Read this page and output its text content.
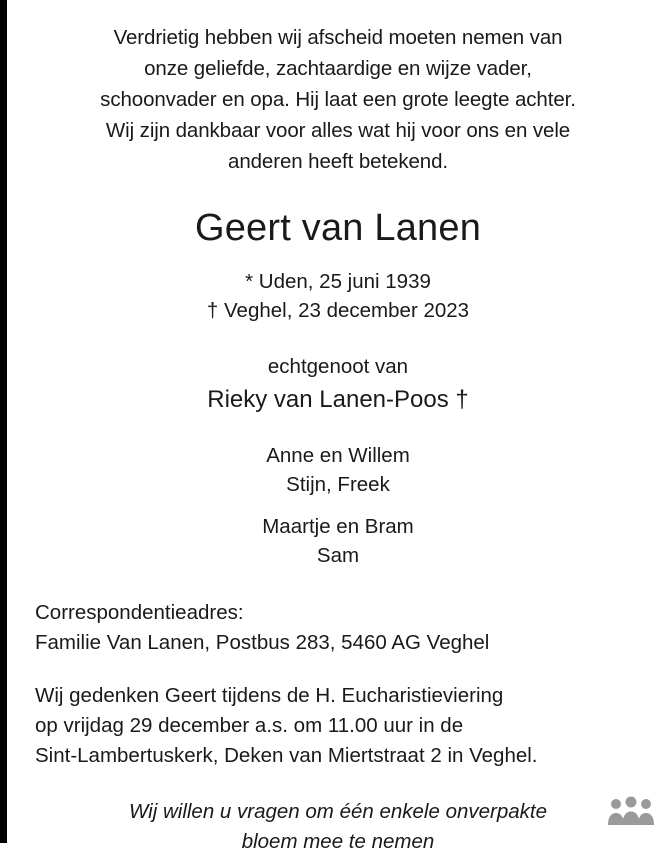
Verdrietig hebben wij afscheid moeten nemen van
onze geliefde, zachtaardige en wijze vader,
schoonvader en opa. Hij laat een grote leegte achter.
Wij zijn dankbaar voor alles wat hij voor ons en vele
anderen heeft betekend.
Geert van Lanen
* Uden, 25 juni 1939
† Veghel, 23 december 2023
echtgenoot van
Rieky van Lanen-Poos †
Anne en Willem
Stijn, Freek
Maartje en Bram
Sam
Correspondentieadres:
Familie Van Lanen, Postbus 283, 5460 AG Veghel
Wij gedenken Geert tijdens de H. Eucharistieviering
op vrijdag 29 december a.s. om 11.00 uur in de
Sint-Lambertuskerk, Deken van Miertstraat 2 in Veghel.
Wij willen u vragen om één enkele onverpakte
bloem mee te nemen
